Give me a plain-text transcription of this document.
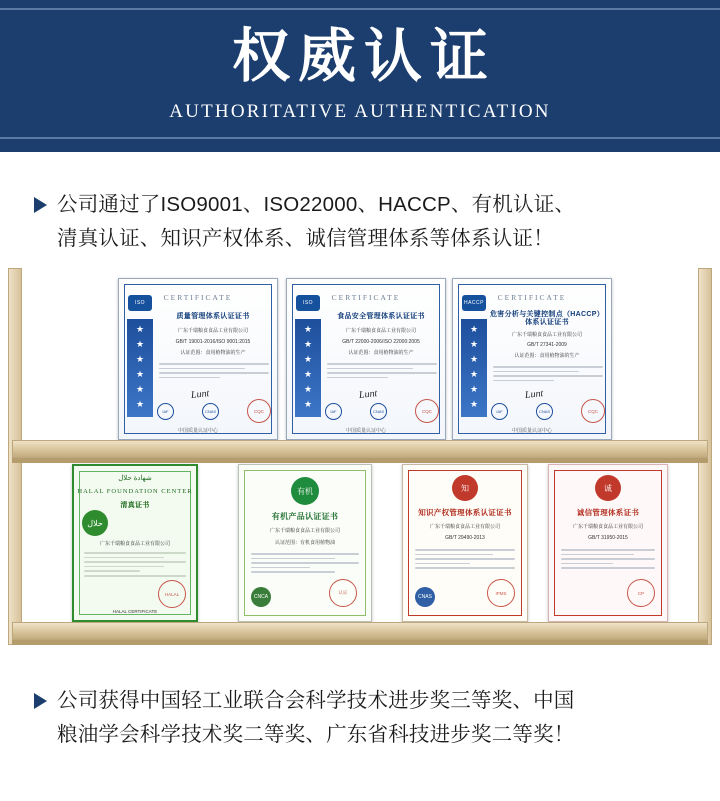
权威认证
AUTHORITATIVE AUTHENTICATION
公司通过了ISO9001、ISO22000、HACCP、有机认证、
清真认证、知识产权体系、诚信管理体系等体系认证！
ISO
CERTIFICATE
★
★
★
★
★
★
质量管理体系认证证书
广东千瑞粮食食品工业有限公司
GB/T 19001-2016/ISO 9001:2015
认证范围：食用植物油的生产
Lunt
IAF	CNAS	CQC
中国质量认证中心
ISO
CERTIFICATE
★
★
★
★
★
★
食品安全管理体系认证证书
广东千瑞粮食食品工业有限公司
GB/T 22000-2006/ISO 22000:2005
认证范围：食用植物油的生产
Lunt
IAF	CNAS	CQC
中国质量认证中心
HACCP
CERTIFICATE
★
★
★
★
★
★
危害分析与关键控制点（HACCP）体系认证证书
广东千瑞粮食食品工业有限公司
GB/T 27341-2009
认证范围：食用植物油的生产
Lunt
IAF	CNAS	CQC
中国质量认证中心
شهادة حلال
HALAL FOUNDATION CENTER
清真证书
حلال
广东千瑞粮食食品工业有限公司
HALAL
HALAL CERTIFICATE
有机
有机产品认证证书
广东千瑞粮食食品工业有限公司
认证范围：有机食用植物油
认证
CNCA
知
知识产权管理体系认证证书
广东千瑞粮食食品工业有限公司
GB/T 29490-2013
IPMS
CNAS
诚
诚信管理体系证书
广东千瑞粮食食品工业有限公司
GB/T 31950-2015
CP
公司获得中国轻工业联合会科学技术进步奖三等奖、中国
粮油学会科学技术奖二等奖、广东省科技进步奖二等奖！
